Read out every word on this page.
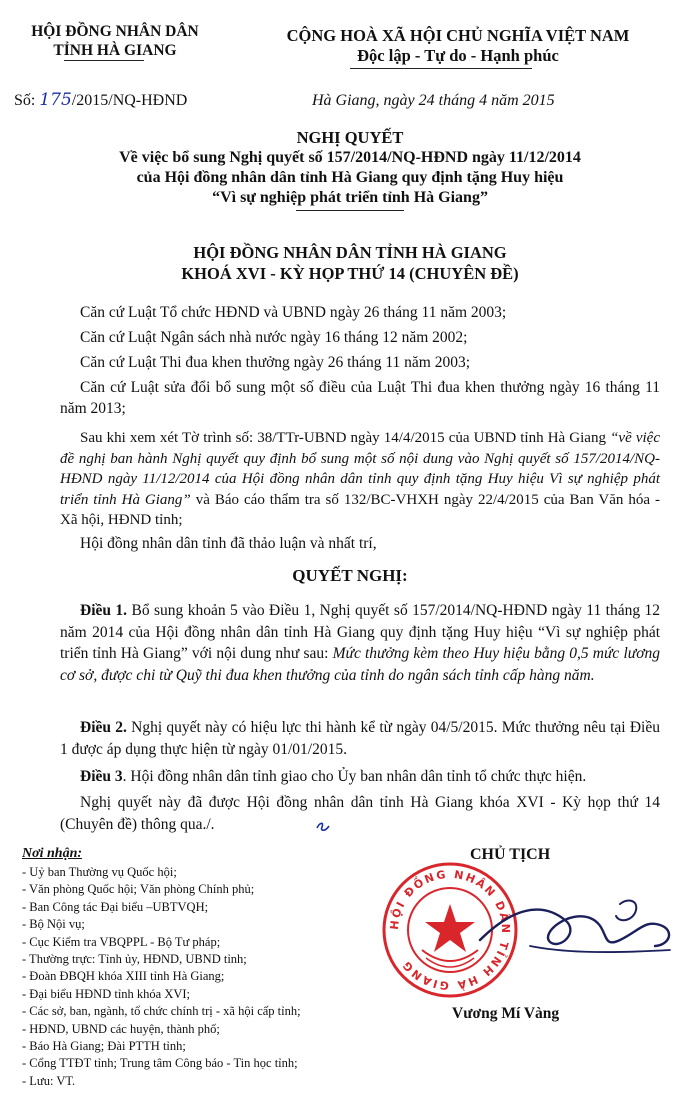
HỘI ĐỒNG NHÂN DÂN
TỈNH HÀ GIANG
CỘNG HOÀ XÃ HỘI CHỦ NGHĨA VIỆT NAM
Độc lập - Tự do - Hạnh phúc
Số: 175/2015/NQ-HĐND	Hà Giang, ngày 24 tháng 4 năm 2015
NGHỊ QUYẾT
Về việc bổ sung Nghị quyết số 157/2014/NQ-HĐND ngày 11/12/2014
của Hội đồng nhân dân tỉnh Hà Giang quy định tặng Huy hiệu
“Vì sự nghiệp phát triển tỉnh Hà Giang”
HỘI ĐỒNG NHÂN DÂN TỈNH HÀ GIANG
KHOÁ XVI - KỲ HỌP THỨ 14 (CHUYÊN ĐỀ)
Căn cứ Luật Tổ chức HĐND và UBND ngày 26 tháng 11 năm 2003;
Căn cứ Luật Ngân sách nhà nước ngày 16 tháng 12 năm 2002;
Căn cứ Luật Thi đua khen thưởng ngày 26 tháng 11 năm 2003;
Căn cứ Luật sửa đổi bổ sung một số điều của Luật Thi đua khen thưởng ngày 16 tháng 11 năm 2013;
Sau khi xem xét Tờ trình số: 38/TTr-UBND ngày 14/4/2015 của UBND tỉnh Hà Giang “về việc đề nghị ban hành Nghị quyết quy định bổ sung một số nội dung vào Nghị quyết số 157/2014/NQ-HĐND ngày 11/12/2014 của Hội đồng nhân dân tỉnh quy định tặng Huy hiệu Vì sự nghiệp phát triển tỉnh Hà Giang” và Báo cáo thẩm tra số 132/BC-VHXH ngày 22/4/2015 của Ban Văn hóa - Xã hội, HĐND tỉnh;
Hội đồng nhân dân tỉnh đã thảo luận và nhất trí,
QUYẾT NGHỊ:
Điều 1. Bổ sung khoản 5 vào Điều 1, Nghị quyết số 157/2014/NQ-HĐND ngày 11 tháng 12 năm 2014 của Hội đồng nhân dân tỉnh Hà Giang quy định tặng Huy hiệu “Vì sự nghiệp phát triển tỉnh Hà Giang” với nội dung như sau: Mức thưởng kèm theo Huy hiệu bằng 0,5 mức lương cơ sở, được chi từ Quỹ thi đua khen thưởng của tỉnh do ngân sách tỉnh cấp hàng năm.
Điều 2. Nghị quyết này có hiệu lực thi hành kể từ ngày 04/5/2015. Mức thưởng nêu tại Điều 1 được áp dụng thực hiện từ ngày 01/01/2015.
Điều 3. Hội đồng nhân dân tỉnh giao cho Ủy ban nhân dân tỉnh tổ chức thực hiện.
Nghị quyết này đã được Hội đồng nhân dân tỉnh Hà Giang khóa XVI - Kỳ họp thứ 14 (Chuyên đề) thông qua./.
Nơi nhận:
- Uỷ ban Thường vụ Quốc hội;
- Văn phòng Quốc hội; Văn phòng Chính phủ;
- Ban Công tác Đại biểu –UBTVQH;
- Bộ Nội vụ;
- Cục Kiểm tra VBQPPL - Bộ Tư pháp;
- Thường trực: Tỉnh ủy, HĐND, UBND tỉnh;
- Đoàn ĐBQH khóa XIII tỉnh Hà Giang;
- Đại biểu HĐND tỉnh khóa XVI;
- Các sở, ban, ngành, tổ chức chính trị - xã hội cấp tỉnh;
- HĐND, UBND các huyện, thành phố;
- Báo Hà Giang; Đài PTTH tỉnh;
- Cổng TTĐT tỉnh; Trung tâm Công báo - Tin học tỉnh;
- Lưu: VT.
CHỦ TỊCH
HỘI ĐỒNG NHÂN DÂN TỈNH HÀ GIANG
Vương Mí Vàng
